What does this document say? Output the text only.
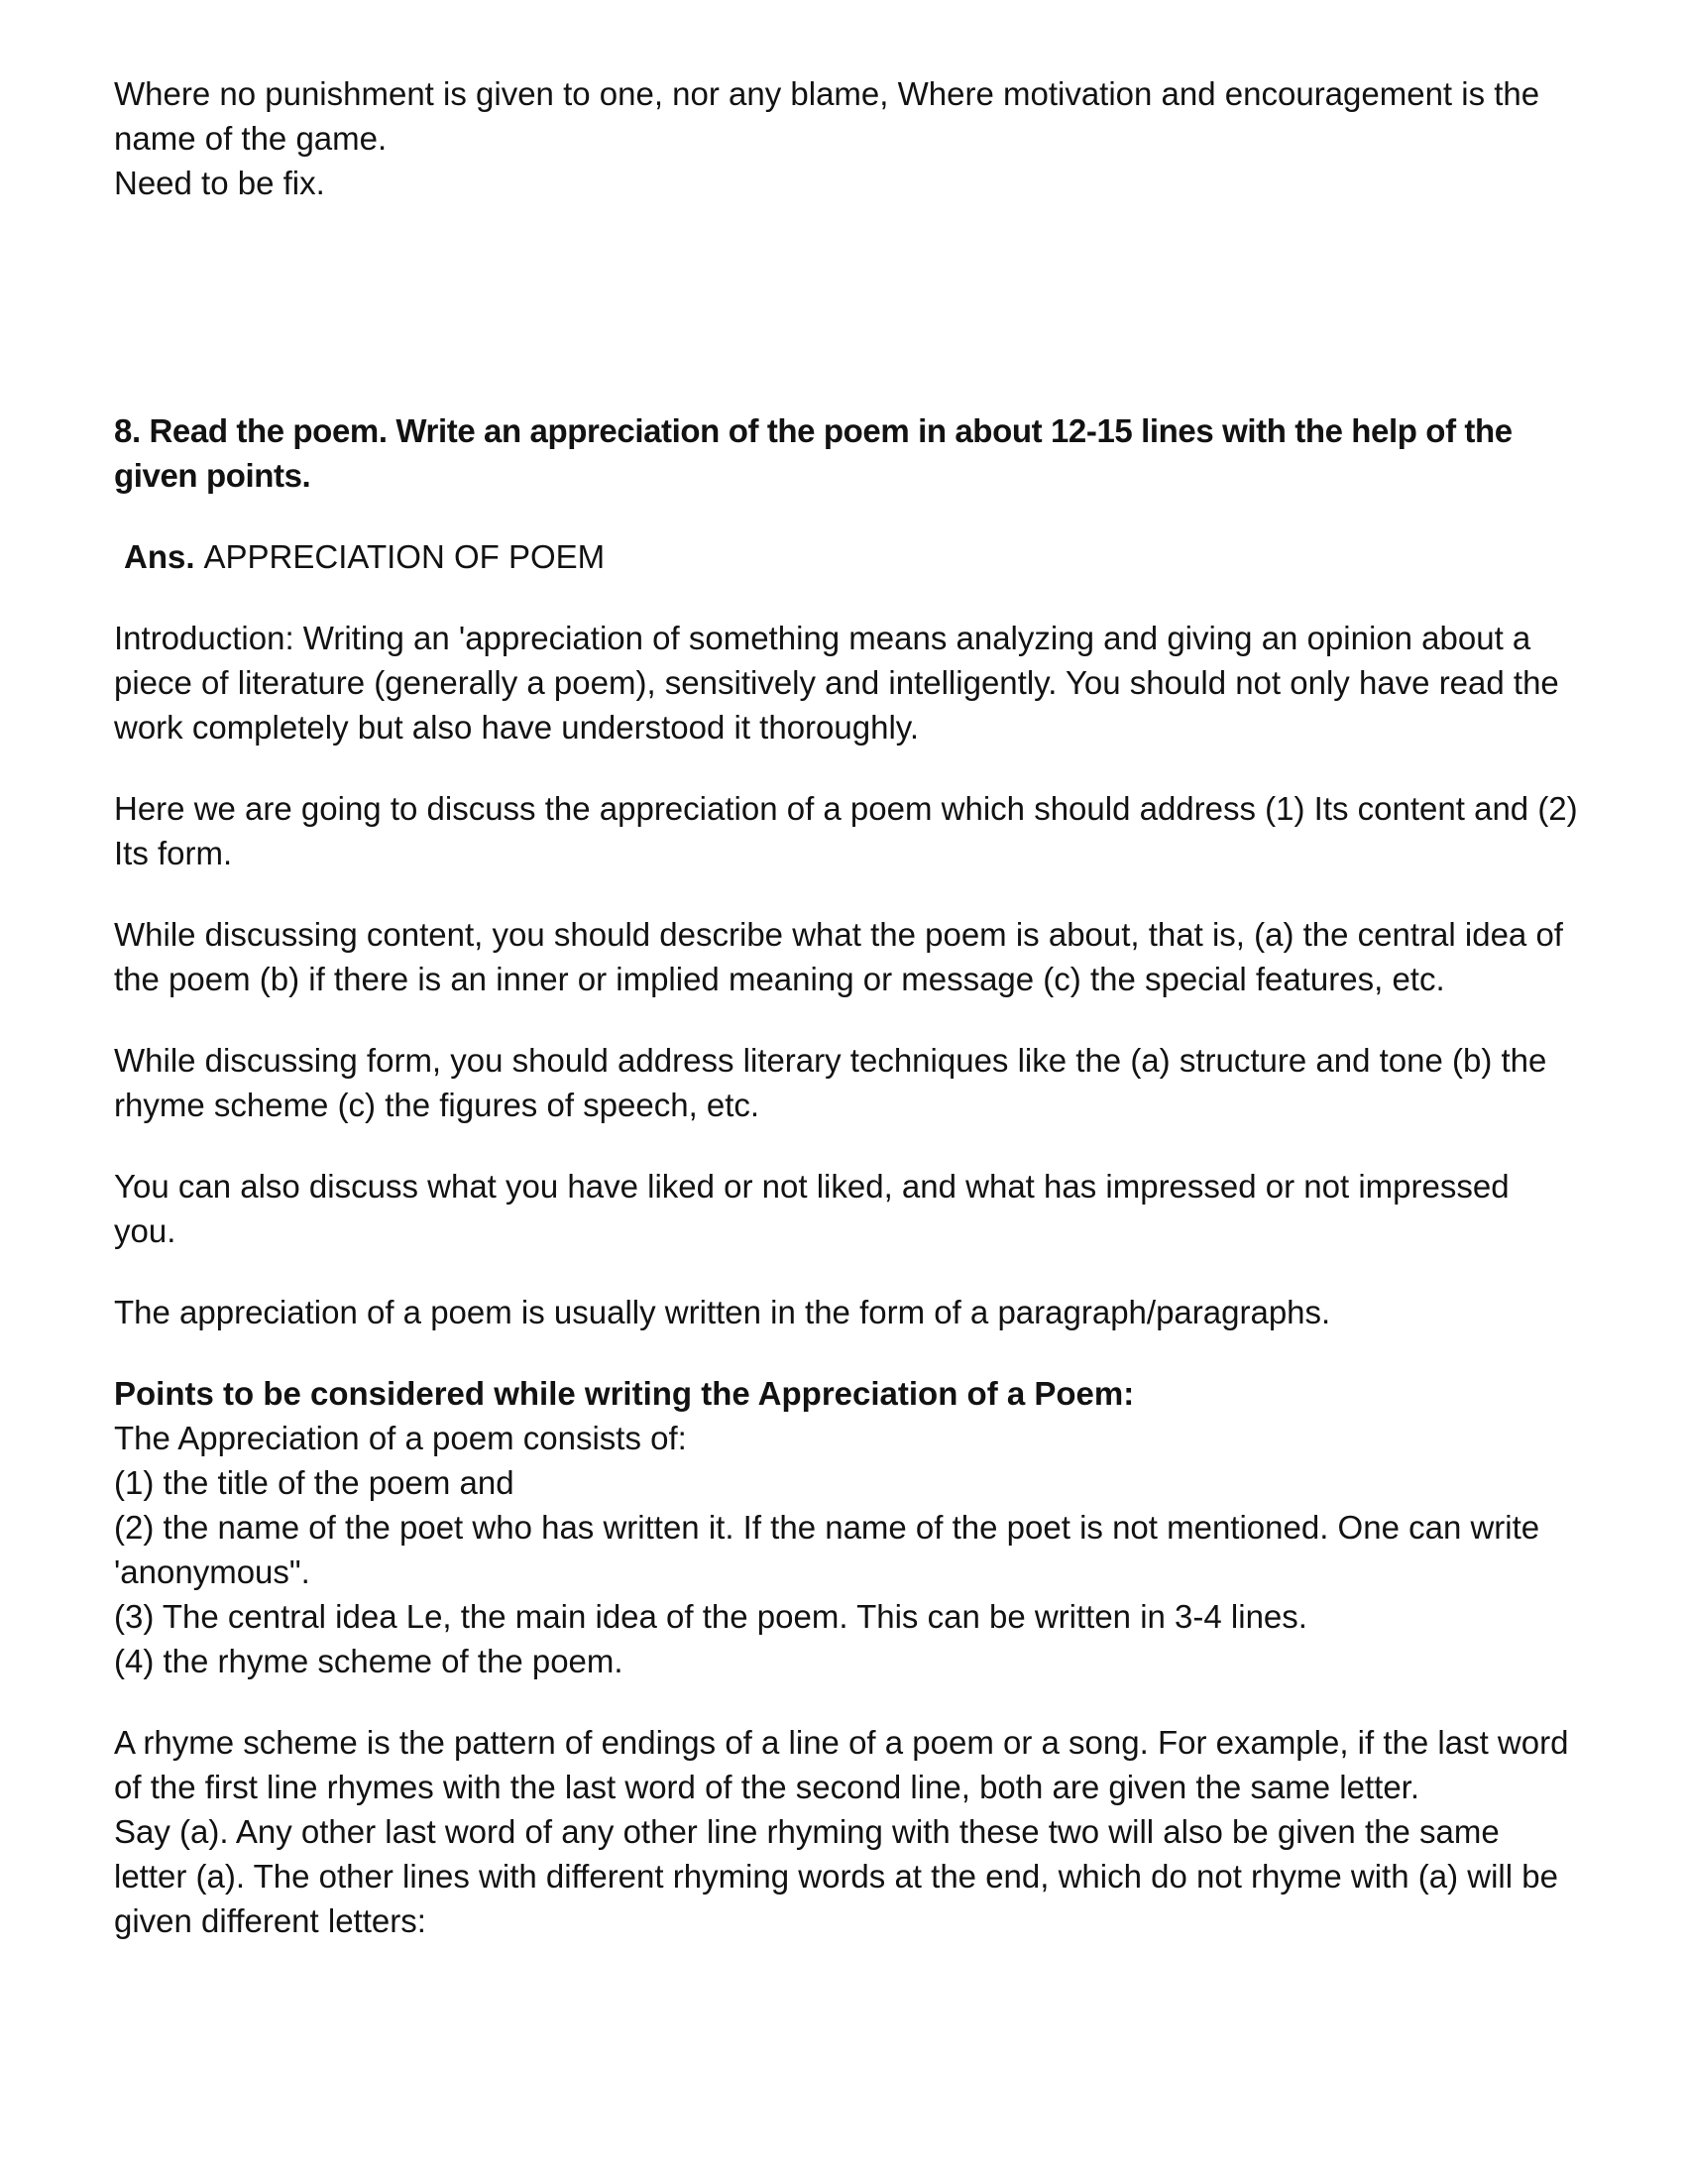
Where no punishment is given to one, nor any blame, Where motivation and encouragement is the name of the game.
Need to be fix.

8. Read the poem. Write an appreciation of the poem in about 12-15 lines with the help of the given points.

Ans. APPRECIATION OF POEM

Introduction: Writing an 'appreciation of something means analyzing and giving an opinion about a piece of literature (generally a poem), sensitively and intelligently. You should not only have read the work completely but also have understood it thoroughly.

Here we are going to discuss the appreciation of a poem which should address (1) Its content and (2) Its form.

While discussing content, you should describe what the poem is about, that is, (a) the central idea of the poem (b) if there is an inner or implied meaning or message (c) the special features, etc.

While discussing form, you should address literary techniques like the (a) structure and tone (b) the rhyme scheme (c) the figures of speech, etc.

You can also discuss what you have liked or not liked, and what has impressed or not impressed you.

The appreciation of a poem is usually written in the form of a paragraph/paragraphs.

Points to be considered while writing the Appreciation of a Poem:
The Appreciation of a poem consists of:
(1) the title of the poem and
(2) the name of the poet who has written it. If the name of the poet is not mentioned. One can write 'anonymous".
(3) The central idea Le, the main idea of the poem. This can be written in 3-4 lines.
(4) the rhyme scheme of the poem.
A rhyme scheme is the pattern of endings of a line of a poem or a song. For example, if the last word of the first line rhymes with the last word of the second line, both are given the same letter.
Say (a). Any other last word of any other line rhyming with these two will also be given the same letter (a). The other lines with different rhyming words at the end, which do not rhyme with (a) will be given different letters:
